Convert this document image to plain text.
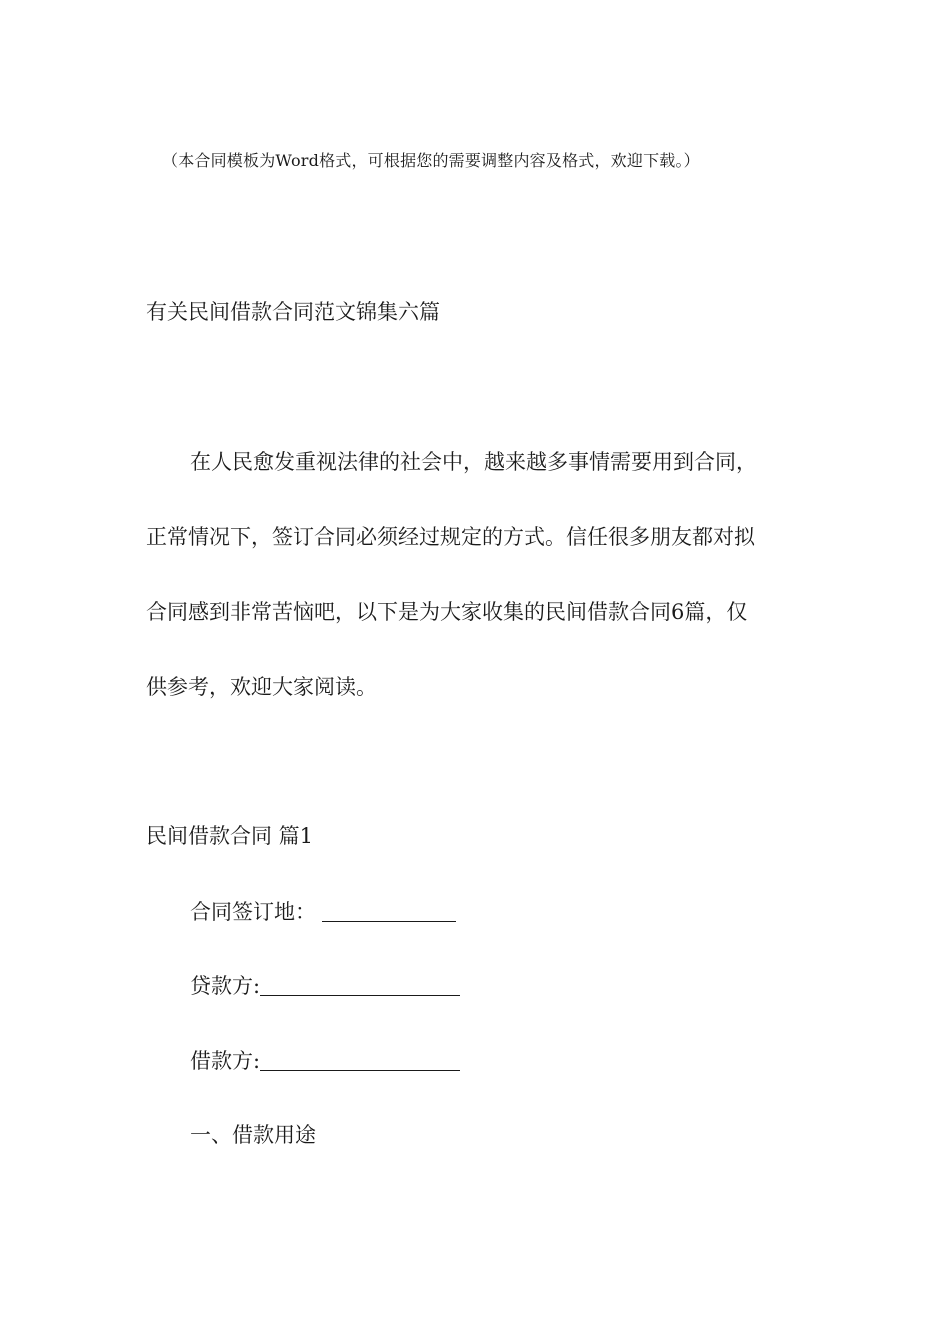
（本合同模板为Word格式，可根据您的需要调整内容及格式，欢迎下载。）
有关民间借款合同范文锦集六篇
在人民愈发重视法律的社会中，越来越多事情需要用到合同，
正常情况下，签订合同必须经过规定的方式。信任很多朋友都对拟
合同感到非常苦恼吧，以下是为大家收集的民间借款合同6篇，仅
供参考，欢迎大家阅读。
民间借款合同 篇1
合同签订地：
贷款方:
借款方:
一、借款用途
